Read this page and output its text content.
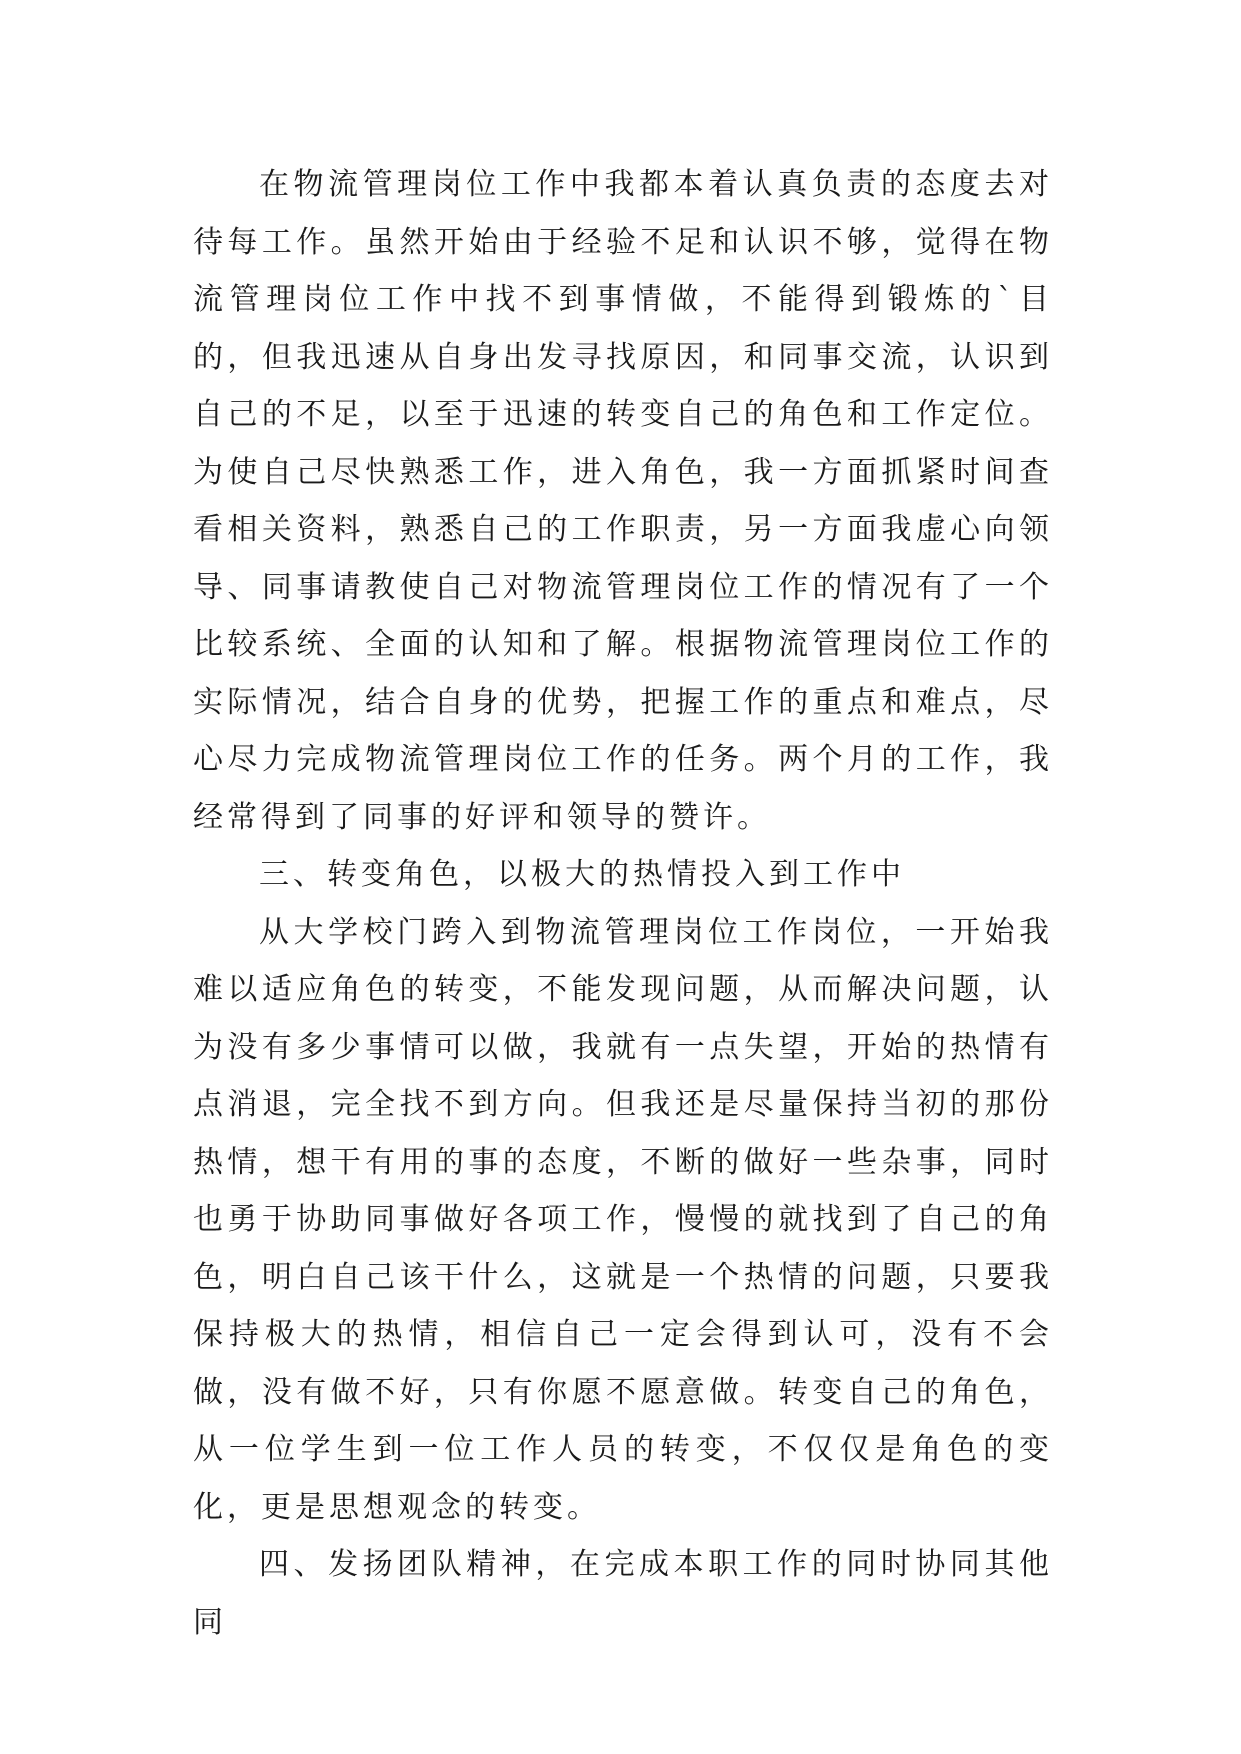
在物流管理岗位工作中我都本着认真负责的态度去对待每工作。虽然开始由于经验不足和认识不够，觉得在物流管理岗位工作中找不到事情做，不能得到锻炼的`目的，但我迅速从自身出发寻找原因，和同事交流，认识到自己的不足，以至于迅速的转变自己的角色和工作定位。为使自己尽快熟悉工作，进入角色，我一方面抓紧时间查看相关资料，熟悉自己的工作职责，另一方面我虚心向领导、同事请教使自己对物流管理岗位工作的情况有了一个比较系统、全面的认知和了解。根据物流管理岗位工作的实际情况，结合自身的优势，把握工作的重点和难点，尽心尽力完成物流管理岗位工作的任务。两个月的工作，我经常得到了同事的好评和领导的赞许。

三、转变角色，以极大的热情投入到工作中

从大学校门跨入到物流管理岗位工作岗位，一开始我难以适应角色的转变，不能发现问题，从而解决问题，认为没有多少事情可以做，我就有一点失望，开始的热情有点消退，完全找不到方向。但我还是尽量保持当初的那份热情，想干有用的事的态度，不断的做好一些杂事，同时也勇于协助同事做好各项工作，慢慢的就找到了自己的角色，明白自己该干什么，这就是一个热情的问题，只要我保持极大的热情，相信自己一定会得到认可，没有不会做，没有做不好，只有你愿不愿意做。转变自己的角色，从一位学生到一位工作人员的转变，不仅仅是角色的变化，更是思想观念的转变。

四、发扬团队精神，在完成本职工作的同时协同其他同
